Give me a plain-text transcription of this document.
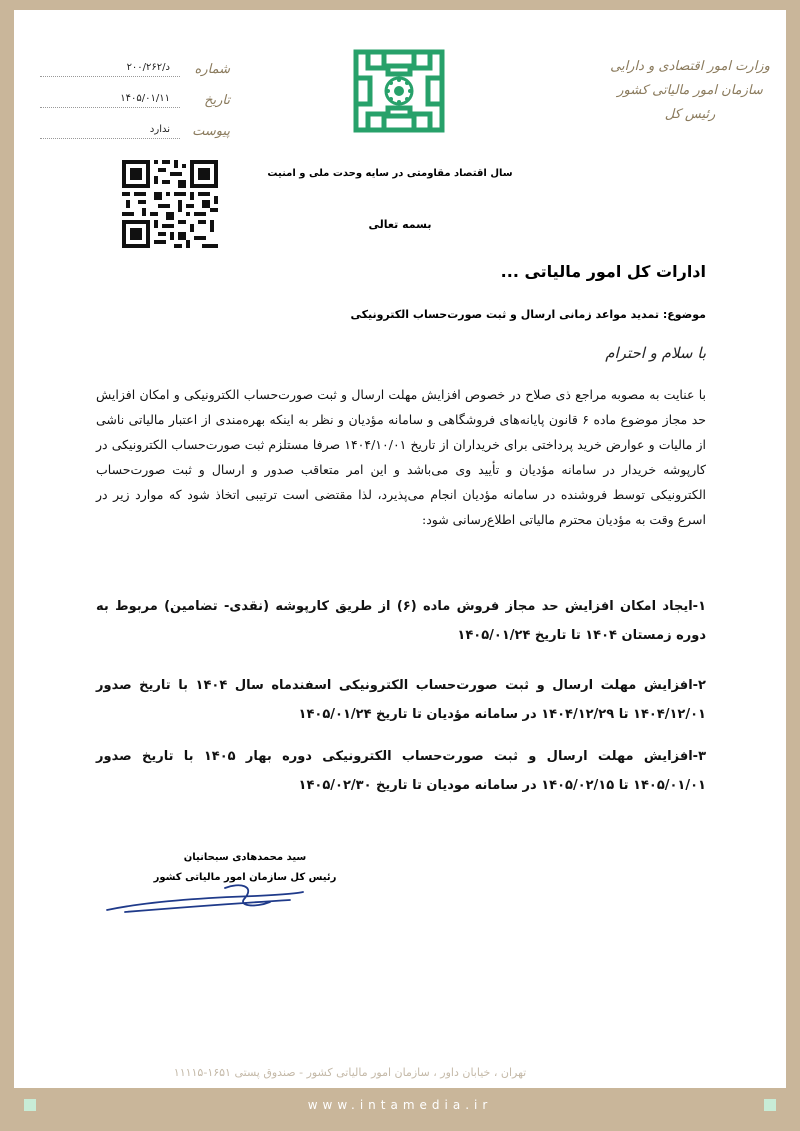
وزارت امور اقتصادی و دارایی
سازمان امور مالیاتی کشور
رئیس کل
شماره
د/۲۰۰/۲۶۲
تاریخ
۱۴۰۵/۰۱/۱۱
پیوست
ندارد
سال اقتصاد مقاومتی در سایه وحدت ملی و امنیت
بسمه تعالی
ادارات کل امور مالیاتی ...
موضوع: تمدید مواعد زمانی ارسال و ثبت صورت‌حساب الکترونیکی
با سلام و احترام
با عنایت به مصوبه مراجع ذی صلاح در خصوص افزایش مهلت ارسال و ثبت صورت‌حساب الکترونیکی و امکان افزایش حد مجاز موضوع ماده ۶ قانون پایانه‌های فروشگاهی و سامانه مؤدیان و نظر به اینکه بهره‌مندی از اعتبار مالیاتی ناشی از مالیات و عوارض خرید پرداختی برای خریداران از تاریخ ۱۴۰۴/۱۰/۰۱ صرفا مستلزم ثبت صورت‌حساب الکترونیکی در کارپوشه خریدار در سامانه مؤدیان و تأیید وی می‌باشد و این امر متعاقب صدور و ارسال و ثبت صورت‌حساب الکترونیکی توسط فروشنده در سامانه مؤدیان انجام می‌پذیرد، لذا مقتضی است ترتیبی اتخاذ شود که موارد زیر در اسرع وقت به مؤدیان محترم مالیاتی اطلاع‌رسانی شود:
۱-ایجاد امکان افزایش حد مجاز فروش ماده (۶) از طریق کارپوشه (نقدی- تضامین) مربوط به دوره زمستان ۱۴۰۴ تا تاریخ ۱۴۰۵/۰۱/۲۴
۲-افزایش مهلت ارسال و ثبت صورت‌حساب الکترونیکی اسفندماه سال ۱۴۰۴ با تاریخ صدور ۱۴۰۴/۱۲/۰۱ تا ۱۴۰۴/۱۲/۲۹ در سامانه مؤدیان تا تاریخ ۱۴۰۵/۰۱/۲۴
۳-افزایش مهلت ارسال و ثبت صورت‌حساب الکترونیکی دوره بهار ۱۴۰۵ با تاریخ صدور ۱۴۰۵/۰۱/۰۱ تا ۱۴۰۵/۰۲/۱۵ در سامانه مودیان تا تاریخ ۱۴۰۵/۰۲/۳۰
سید محمدهادی سبحانیان
رئیس کل سازمان امور مالیاتی کشور
تهران ، خیابان داور ، سازمان امور مالیاتی کشور - صندوق پستی ۱۶۵۱-۱۱۱۱۵
www.intamedia.ir
